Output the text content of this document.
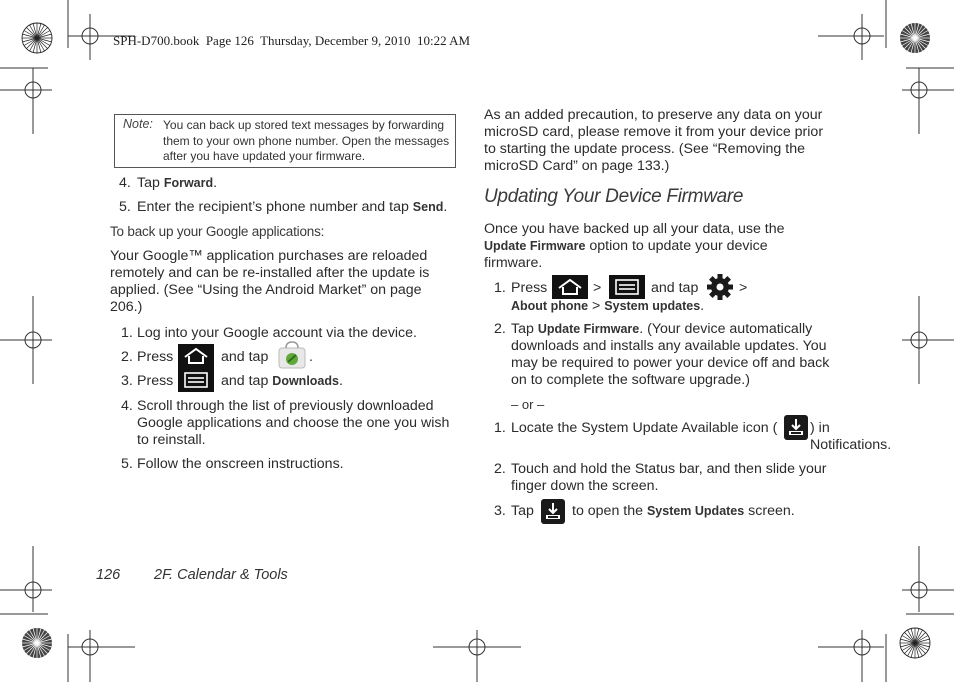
SPH-D700.book  Page 126  Thursday, December 9, 2010  10:22 AM
Note: You can back up stored text messages by forwarding them to your own phone number. Open the messages after you have updated your firmware.
4. Tap Forward.
5. Enter the recipient’s phone number and tap Send.
To back up your Google applications:
Your Google™ application purchases are reloaded remotely and can be re-installed after the update is applied. (See “Using the Android Market” on page 206.)
1. Log into your Google account via the device.
2. Press	and tap	.
3. Press	and tap Downloads.
4. Scroll through the list of previously downloaded Google applications and choose the one you wish to reinstall.
5. Follow the onscreen instructions.
As an added precaution, to preserve any data on your microSD card, please remove it from your device prior to starting the update process. (See “Removing the microSD Card” on page 133.)
Updating Your Device Firmware
Once you have backed up all your data, use the
Update Firmware option to update your device firmware.
1. Press	>	and tap	>
About phone > System updates.
2. Tap Update Firmware. (Your device automatically downloads and installs any available updates. You may be required to power your device off and back on to complete the software upgrade.)
– or –
1. Locate the System Update Available icon ( ) in Notifications.
2. Touch and hold the Status bar, and then slide your finger down the screen.
3. Tap	to open the System Updates screen.
126 2F. Calendar & Tools
